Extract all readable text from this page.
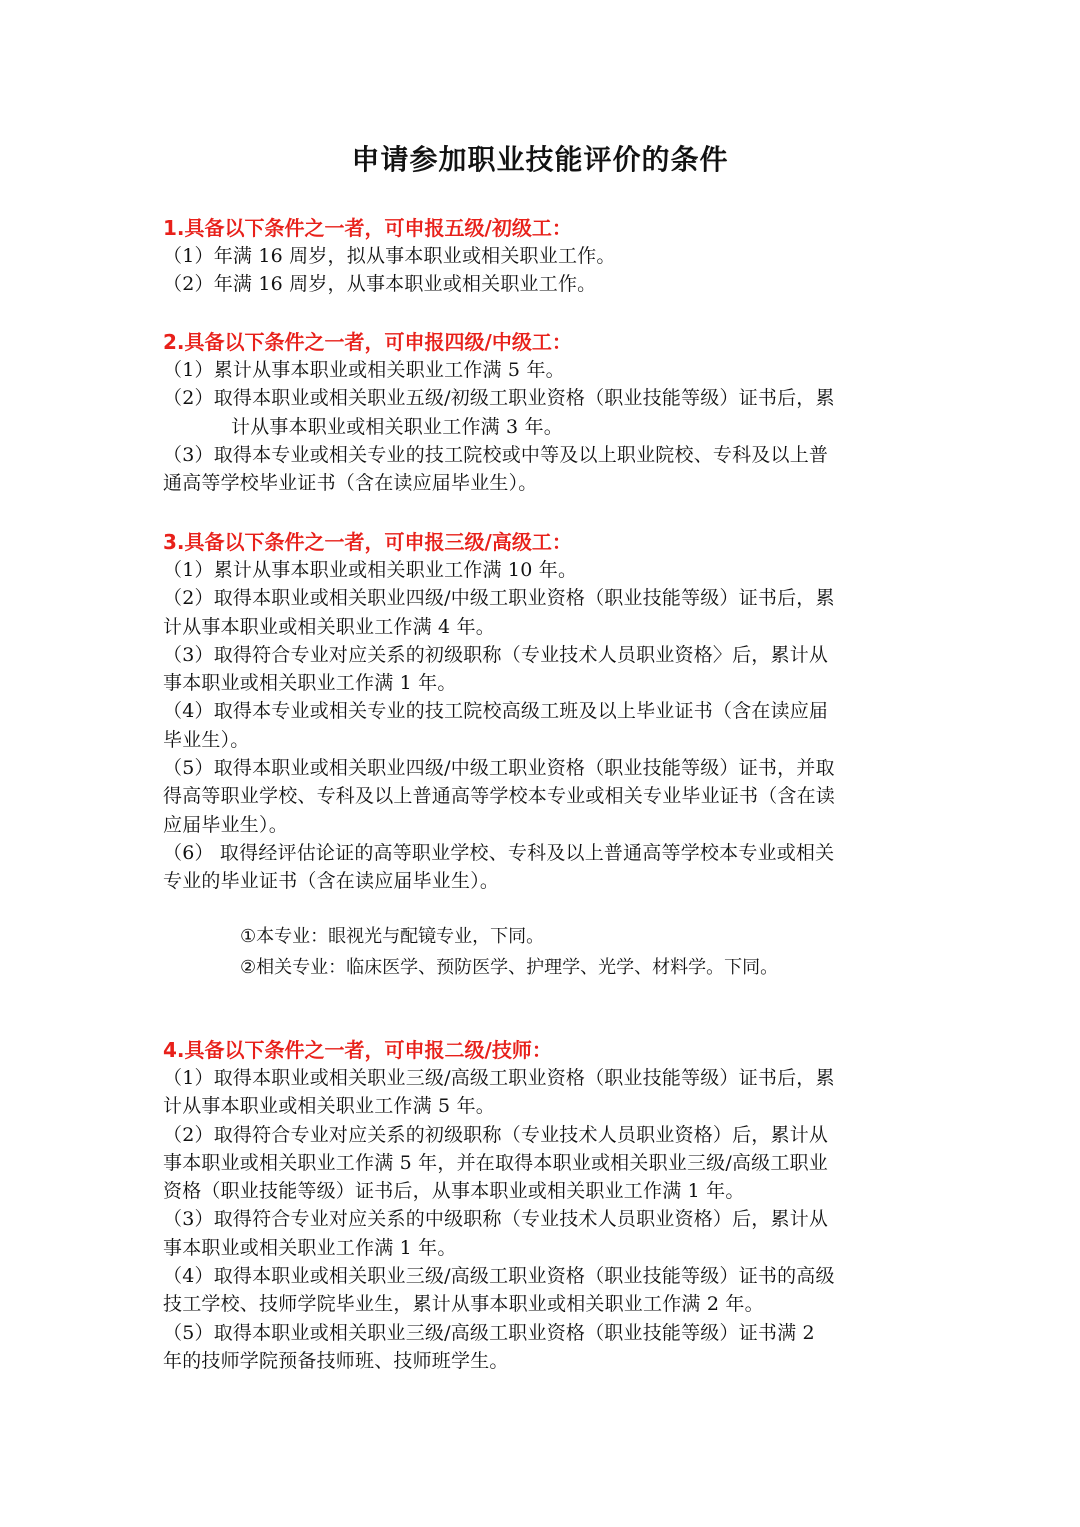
申请参加职业技能评价的条件
1.具备以下条件之一者，可申报五级/初级工：
（1）年满 16 周岁，拟从事本职业或相关职业工作。
（2）年满 16 周岁，从事本职业或相关职业工作。
2.具备以下条件之一者，可申报四级/中级工：
（1）累计从事本职业或相关职业工作满 5 年。
（2）取得本职业或相关职业五级/初级工职业资格（职业技能等级）证书后，累
计从事本职业或相关职业工作满 3 年。
（3）取得本专业或相关专业的技工院校或中等及以上职业院校、专科及以上普
通高等学校毕业证书（含在读应届毕业生）。
3.具备以下条件之一者，可申报三级/高级工：
（1）累计从事本职业或相关职业工作满 10 年。
（2）取得本职业或相关职业四级/中级工职业资格（职业技能等级）证书后，累
计从事本职业或相关职业工作满 4 年。
（3）取得符合专业对应关系的初级职称（专业技术人员职业资格〉后，累计从
事本职业或相关职业工作满 1 年。
（4）取得本专业或相关专业的技工院校高级工班及以上毕业证书（含在读应届
毕业生）。
（5）取得本职业或相关职业四级/中级工职业资格（职业技能等级）证书，并取
得高等职业学校、专科及以上普通高等学校本专业或相关专业毕业证书（含在读
应届毕业生）。
（6） 取得经评估论证的高等职业学校、专科及以上普通高等学校本专业或相关
专业的毕业证书（含在读应届毕业生）。
①本专业：眼视光与配镜专业，下同。
②相关专业：临床医学、预防医学、护理学、光学、材料学。下同。
4.具备以下条件之一者，可申报二级/技师：
（1）取得本职业或相关职业三级/高级工职业资格（职业技能等级）证书后，累
计从事本职业或相关职业工作满 5 年。
（2）取得符合专业对应关系的初级职称（专业技术人员职业资格）后，累计从
事本职业或相关职业工作满 5 年，并在取得本职业或相关职业三级/高级工职业
资格（职业技能等级）证书后，从事本职业或相关职业工作满 1 年。
（3）取得符合专业对应关系的中级职称（专业技术人员职业资格）后，累计从
事本职业或相关职业工作满 1 年。
（4）取得本职业或相关职业三级/高级工职业资格（职业技能等级）证书的高级
技工学校、技师学院毕业生，累计从事本职业或相关职业工作满 2 年。
（5）取得本职业或相关职业三级/高级工职业资格（职业技能等级）证书满 2
年的技师学院预备技师班、技师班学生。
